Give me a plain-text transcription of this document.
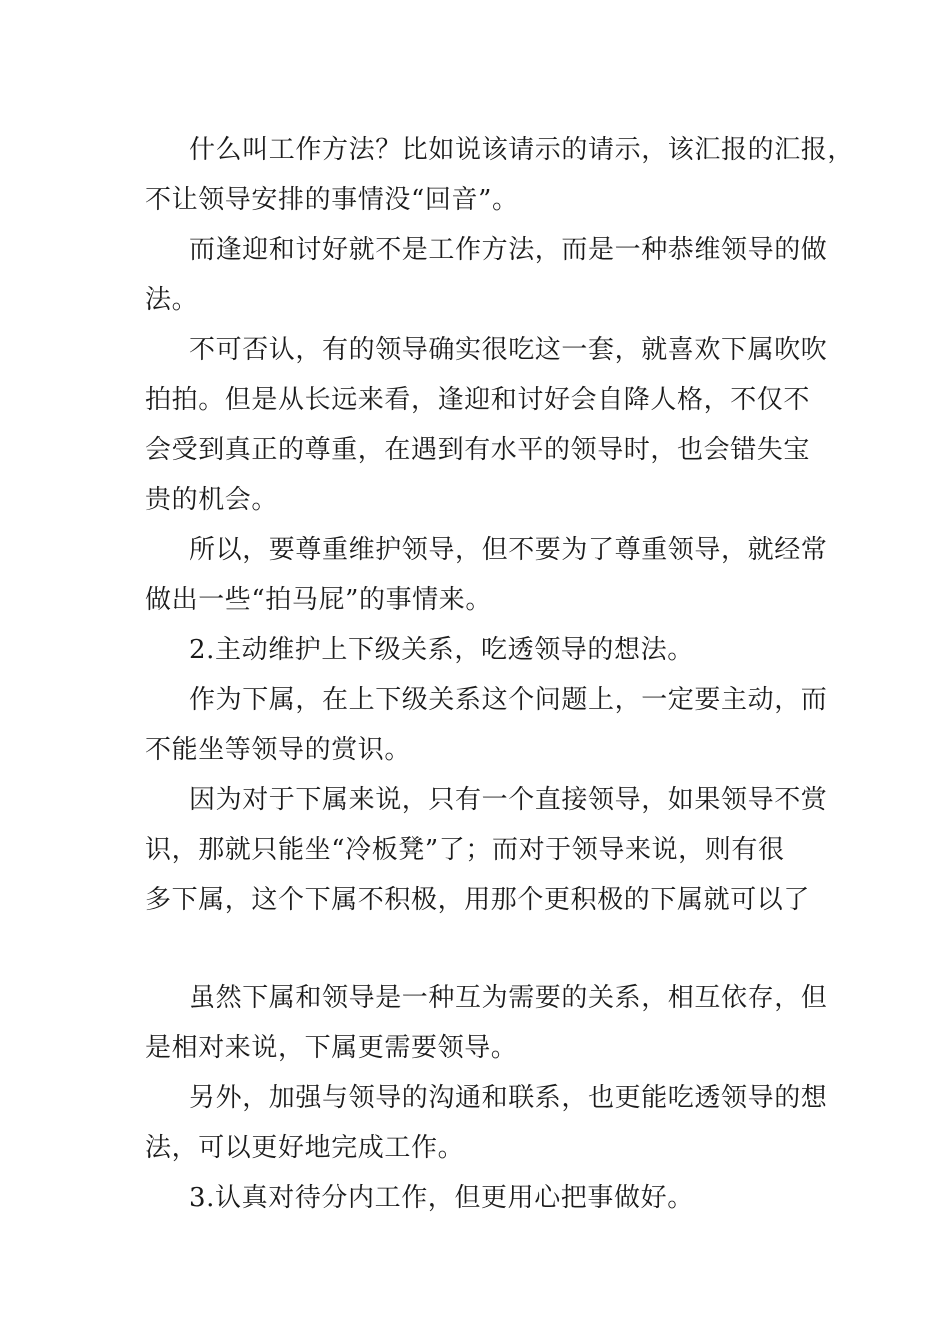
什么叫工作方法？比如说该请示的请示，该汇报的汇报，
不让领导安排的事情没“回音”。
而逢迎和讨好就不是工作方法，而是一种恭维领导的做
法。
不可否认，有的领导确实很吃这一套，就喜欢下属吹吹
拍拍。但是从长远来看，逢迎和讨好会自降人格，不仅不
会受到真正的尊重，在遇到有水平的领导时，也会错失宝
贵的机会。
所以，要尊重维护领导，但不要为了尊重领导，就经常
做出一些“拍马屁”的事情来。
2.主动维护上下级关系，吃透领导的想法。
作为下属，在上下级关系这个问题上，一定要主动，而
不能坐等领导的赏识。
因为对于下属来说，只有一个直接领导，如果领导不赏
识，那就只能坐“冷板凳”了；而对于领导来说，则有很
多下属，这个下属不积极，用那个更积极的下属就可以了
虽然下属和领导是一种互为需要的关系，相互依存，但
是相对来说，下属更需要领导。
另外，加强与领导的沟通和联系，也更能吃透领导的想
法，可以更好地完成工作。
3.认真对待分内工作，但更用心把事做好。
